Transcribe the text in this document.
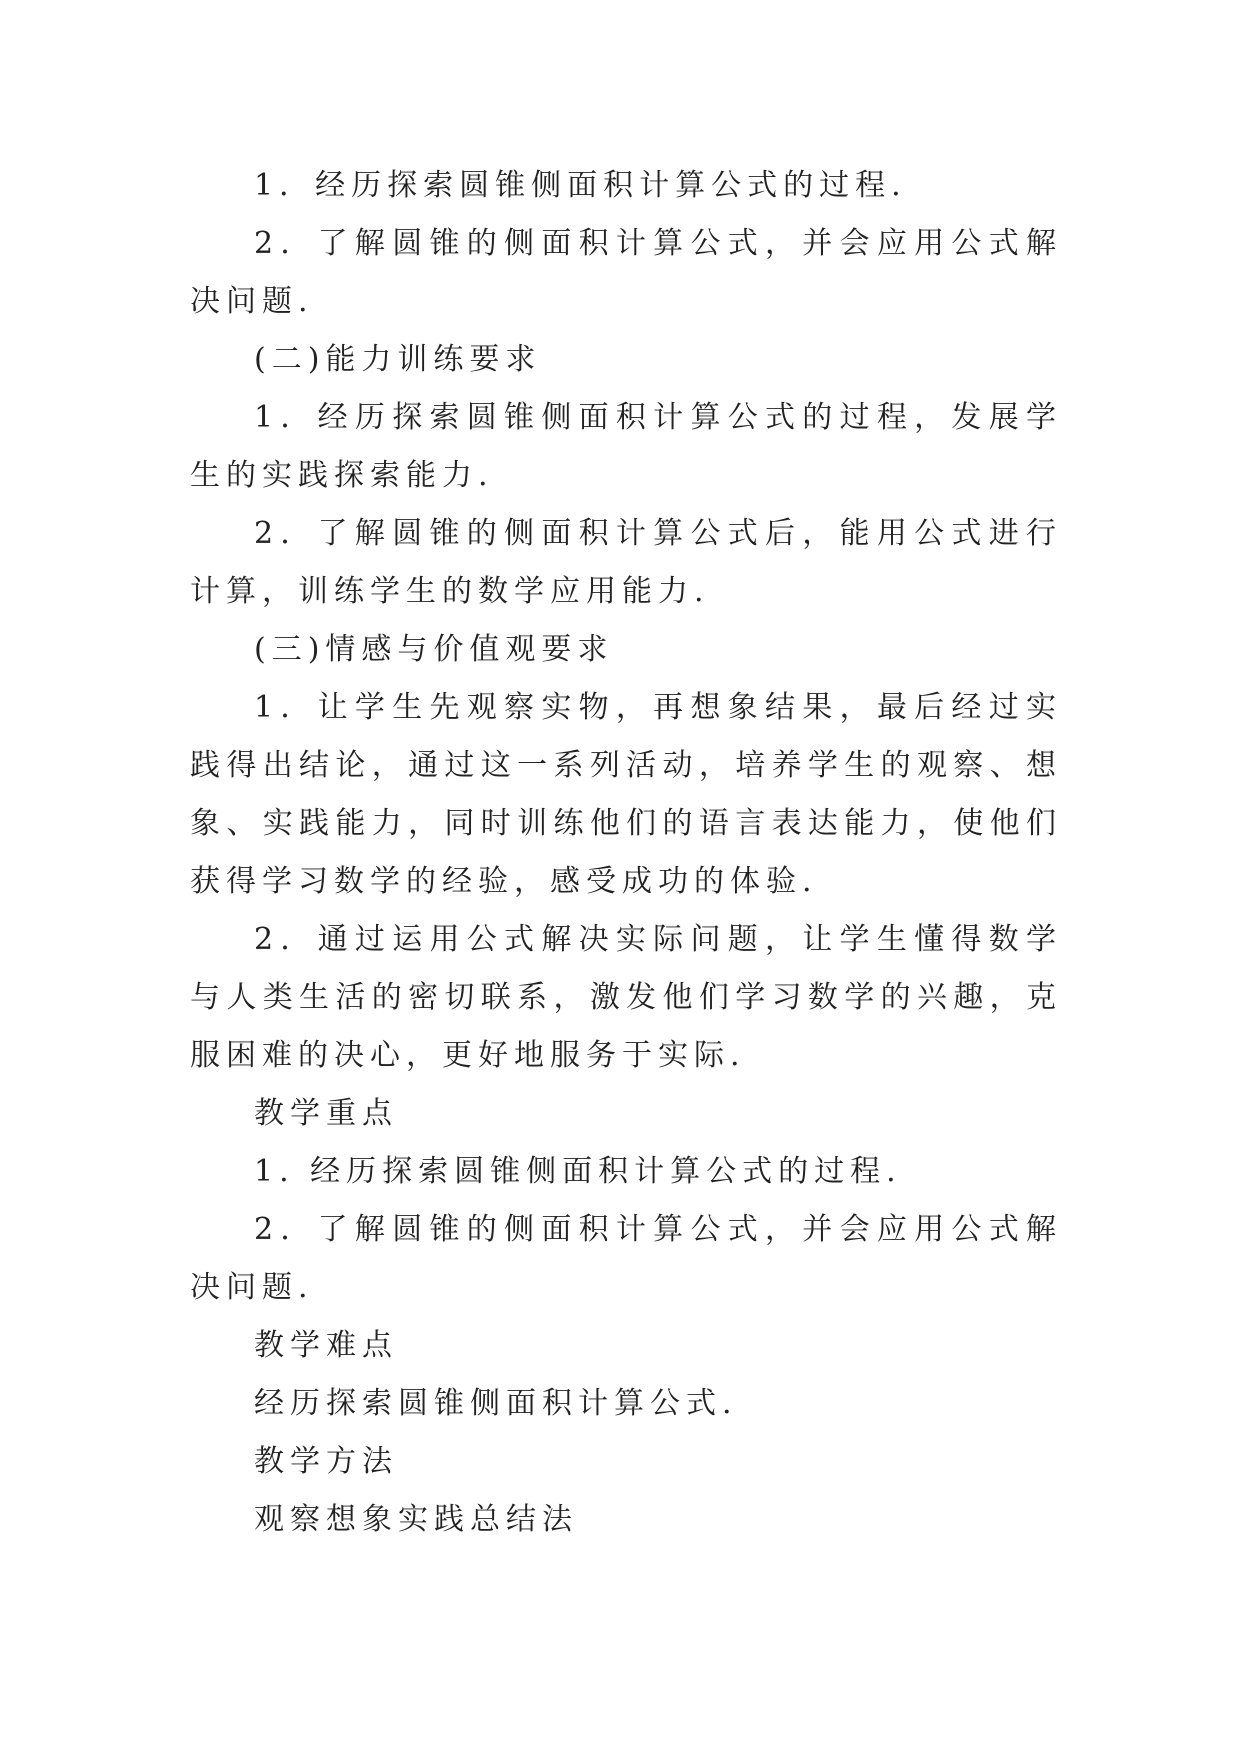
1．经历探索圆锥侧面积计算公式的过程.

2．了解圆锥的侧面积计算公式，并会应用公式解决问题.

(二)能力训练要求

1．经历探索圆锥侧面积计算公式的过程，发展学生的实践探索能力.

2．了解圆锥的侧面积计算公式后，能用公式进行计算，训练学生的数学应用能力.

(三)情感与价值观要求

1．让学生先观察实物，再想象结果，最后经过实践得出结论，通过这一系列活动，培养学生的观察、想象、实践能力，同时训练他们的语言表达能力，使他们获得学习数学的经验，感受成功的体验.

2．通过运用公式解决实际问题，让学生懂得数学与人类生活的密切联系，激发他们学习数学的兴趣，克服困难的决心，更好地服务于实际.

教学重点

1. 经历探索圆锥侧面积计算公式的过程.

2．了解圆锥的侧面积计算公式，并会应用公式解决问题.

教学难点

经历探索圆锥侧面积计算公式.

教学方法

观察想象实践总结法
